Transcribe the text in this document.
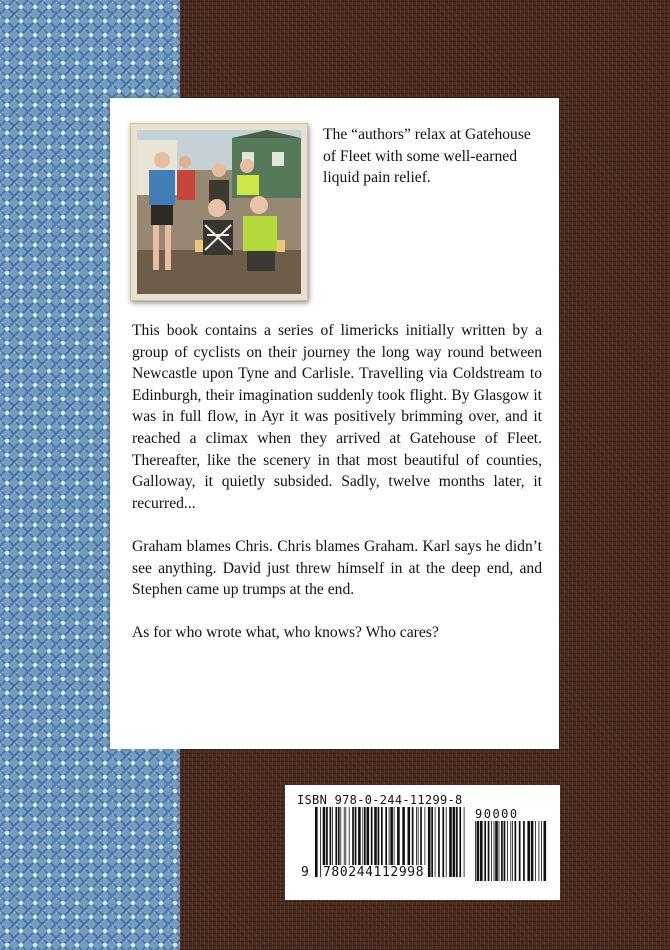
The “authors” relax at Gatehouse of Fleet with some well-earned liquid pain relief.

This book contains a series of limericks initially written by a group of cyclists on their journey the long way round between Newcastle upon Tyne and Carlisle. Travelling via Coldstream to Edinburgh, their imagination suddenly took flight. By Glasgow it was in full flow, in Ayr it was positively brimming over, and it reached a climax when they arrived at Gatehouse of Fleet. Thereafter, like the scenery in that most beautiful of counties, Galloway, it quietly subsided. Sadly, twelve months later, it recurred...

Graham blames Chris. Chris blames Graham. Karl says he didn’t see anything. David just threw himself in at the deep end, and Stephen came up trumps at the end.

As for who wrote what, who knows? Who cares?

ISBN 978-0-244-11299-8
90000
9 780244112998
